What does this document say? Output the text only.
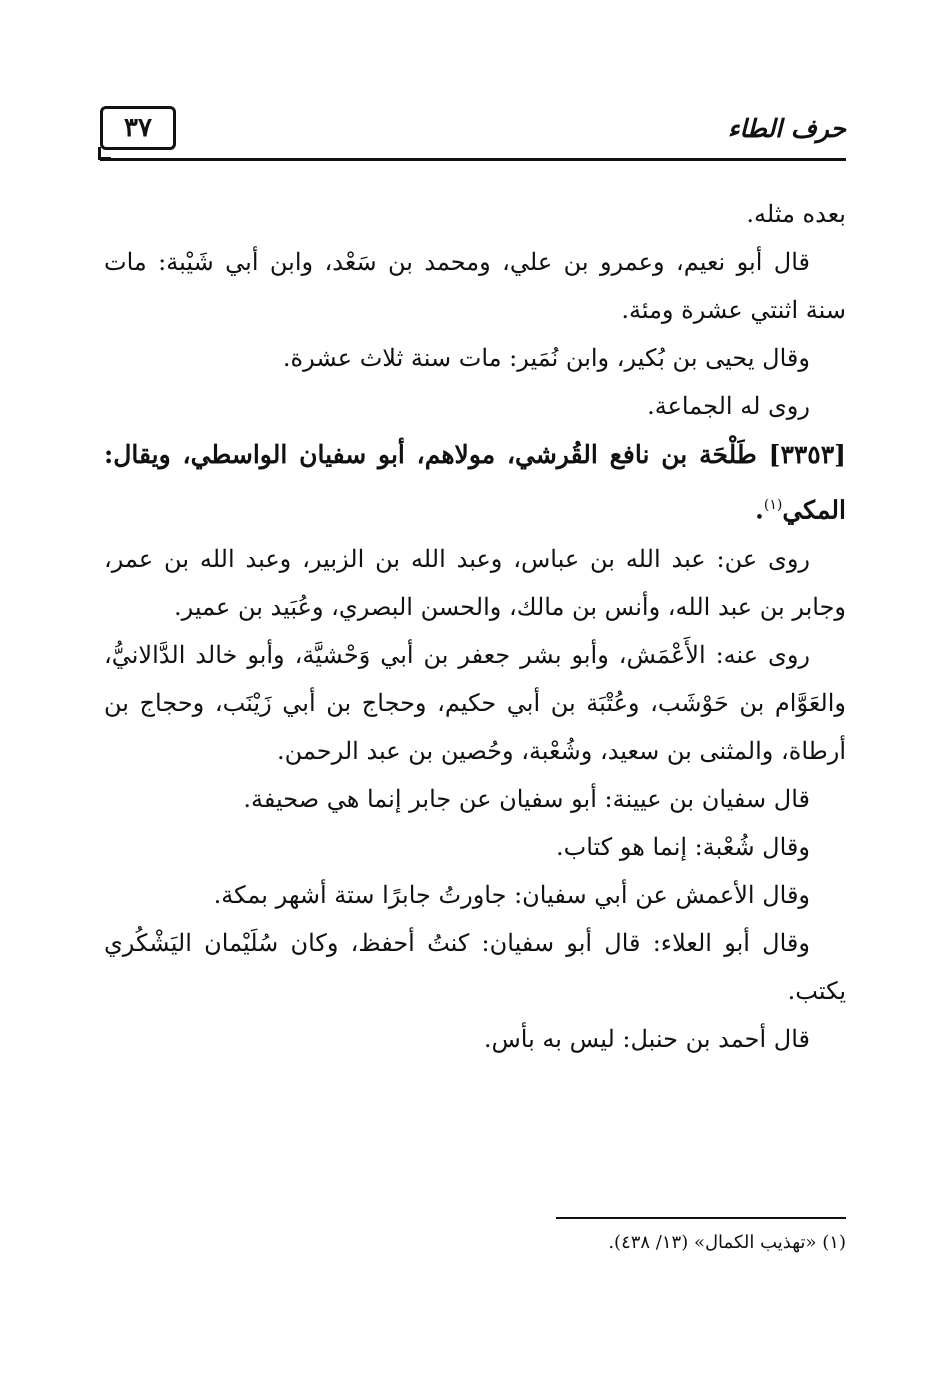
٣٧	حرف الطاء

بعده مثله.

قال أبو نعيم، وعمرو بن علي، ومحمد بن سَعْد، وابن أبي شَيْبة: مات سنة اثنتي عشرة ومئة.

وقال يحيى بن بُكير، وابن نُمَير: مات سنة ثلاث عشرة.

روى له الجماعة.

[٣٣٥٣] طَلْحَة بن نافع القُرشي، مولاهم، أبو سفيان الواسطي، ويقال: المكي$^{(١)}$.

روى عن: عبد الله بن عباس، وعبد الله بن الزبير، وعبد الله بن عمر، وجابر بن عبد الله، وأنس بن مالك، والحسن البصري، وعُبَيد بن عمير.

روى عنه: الأَعْمَش، وأبو بشر جعفر بن أبي وَحْشيَّة، وأبو خالد الدَّالانيُّ، والعَوَّام بن حَوْشَب، وعُتْبَة بن أبي حكيم، وحجاج بن أبي زَيْنَب، وحجاج بن أرطاة، والمثنى بن سعيد، وشُعْبة، وحُصين بن عبد الرحمن.

قال سفيان بن عيينة: أبو سفيان عن جابر إنما هي صحيفة.

وقال شُعْبة: إنما هو كتاب.

وقال الأعمش عن أبي سفيان: جاورتُ جابرًا ستة أشهر بمكة.

وقال أبو العلاء: قال أبو سفيان: كنتُ أحفظ، وكان سُلَيْمان اليَشْكُري يكتب.

قال أحمد بن حنبل: ليس به بأس.

(١) «تهذيب الكمال» (١٣/ ٤٣٨).
